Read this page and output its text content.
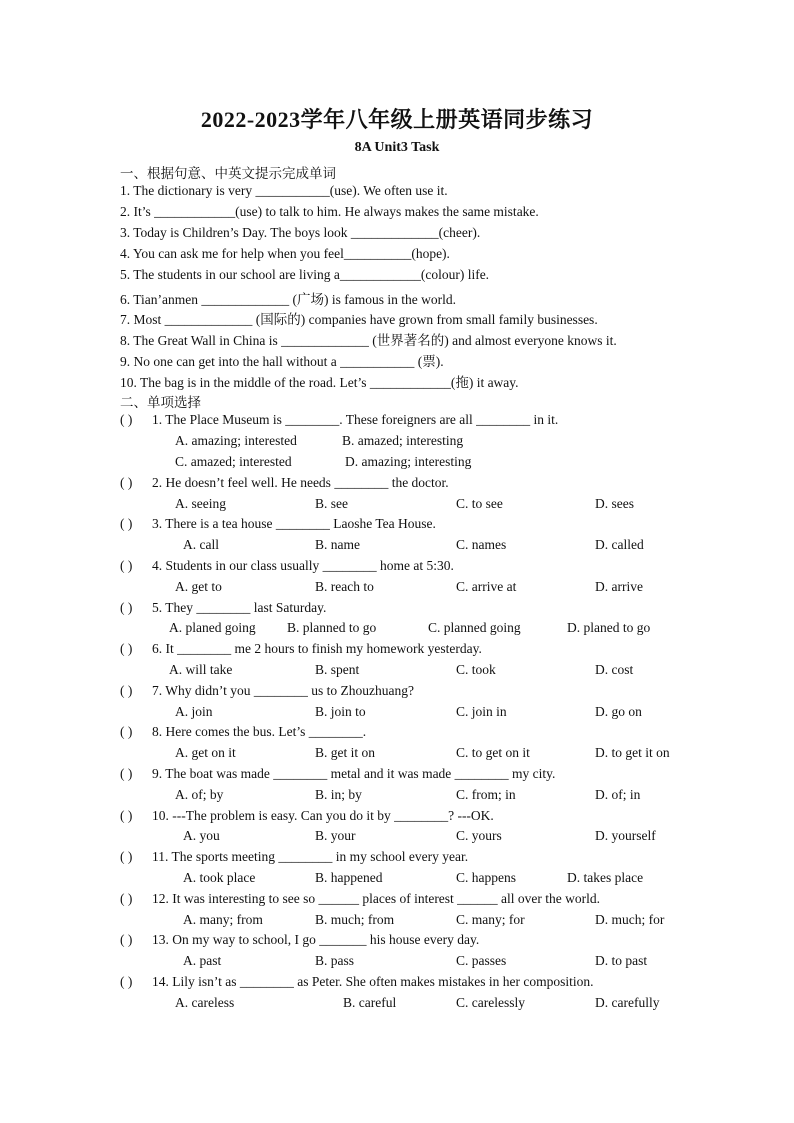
2022-2023学年八年级上册英语同步练习
8A Unit3 Task
一、根据句意、中英文提示完成单词
1. The dictionary is very ___________(use). We often use it.
2. It’s ____________(use) to talk to him. He always makes the same mistake.
3. Today is Children’s Day. The boys look _____________(cheer).
4. You can ask me for help when you feel__________(hope).
5. The students in our school are living a____________(colour) life.
6. Tian’anmen _____________ (广场) is famous in the world.
7. Most _____________ (国际的) companies have grown from small family businesses.
8. The Great Wall in China is _____________ (世界著名的) and almost everyone knows it.
9. No one can get into the hall without a ___________ (票).
10. The bag is in the middle of the road. Let’s ____________(拖) it away.
二、单项选择
( ) 1. The Place Museum is ________. These foreigners are all ________ in it.
A. amazing; interested	B. amazed; interesting
C. amazed; interested	D. amazing; interesting
( ) 2. He doesn’t feel well. He needs ________ the doctor.
A. seeing	B. see	C. to see	D. sees
( ) 3. There is a tea house ________ Laoshe Tea House.
A. call	B. name	C. names	D. called
( ) 4. Students in our class usually ________ home at 5:30.
A. get to	B. reach to	C. arrive at	D. arrive
( ) 5. They ________ last Saturday.
A. planed going B. planned to go	C. planned going	D. planed to go
( ) 6. It ________ me 2 hours to finish my homework yesterday.
A. will take	B. spent	C. took	D. cost
( ) 7. Why didn’t you ________ us to Zhouzhuang?
A. join	B. join to	C. join in	D. go on
( ) 8. Here comes the bus. Let’s ________.
A. get on it	B. get it on	C. to get on it	D. to get it on
( ) 9. The boat was made ________ metal and it was made ________ my city.
A. of; by	B. in; by	C. from; in	D. of; in
( ) 10. ---The problem is easy. Can you do it by ________? ---OK.
A. you	B. your	C. yours	D. yourself
( ) 11. The sports meeting ________ in my school every year.
A. took place	B. happened	C. happens	D. takes place
( ) 12. It was interesting to see so ______ places of interest ______ all over the world.
A. many; from	B. much; from	C. many; for	D. much; for
( ) 13. On my way to school, I go _______ his house every day.
A. past	B. pass	C. passes	D. to past
( ) 14. Lily isn’t as ________ as Peter. She often makes mistakes in her composition.
A. careless	B. careful	C. carelessly	D. carefully
